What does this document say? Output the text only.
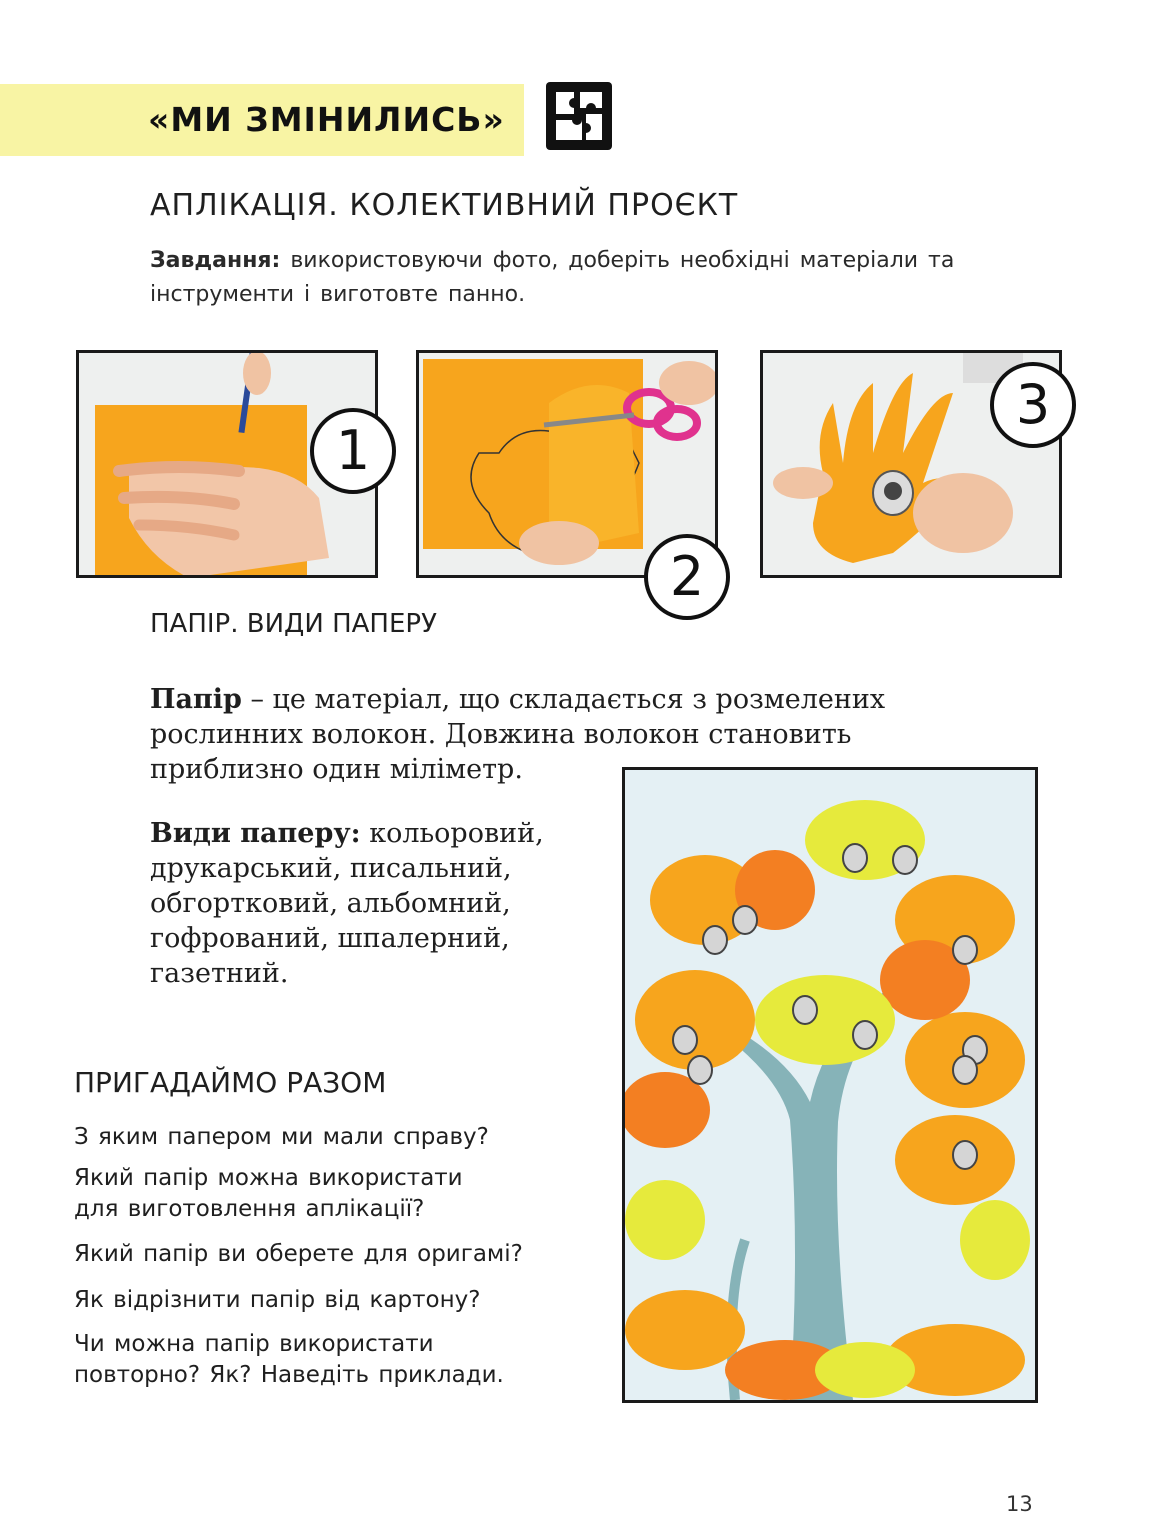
«МИ ЗМІНИЛИСЬ»
АПЛІКАЦІЯ. КОЛЕКТИВНИЙ ПРОЄКТ
Завдання: використовуючи фото, доберіть необхідні матеріали та інструменти і виготовте панно.
1
2
3
ПАПІР. ВИДИ ПАПЕРУ
Папір – це матеріал, що складається з розмелених
рослинних волокон. Довжина волокон становить
приблизно один міліметр.
Види паперу: кольоровий,
друкарський, писальний,
обгортковий, альбомний,
гофрований, шпалерний,
газетний.
ПРИГАДАЙМО РАЗОМ
З яким папером ми мали справу?
Який папір можна використати
для виготовлення аплікації?
Який папір ви оберете для оригамі?
Як відрізнити папір від картону?
Чи можна папір використати
повторно? Як? Наведіть приклади.
13
